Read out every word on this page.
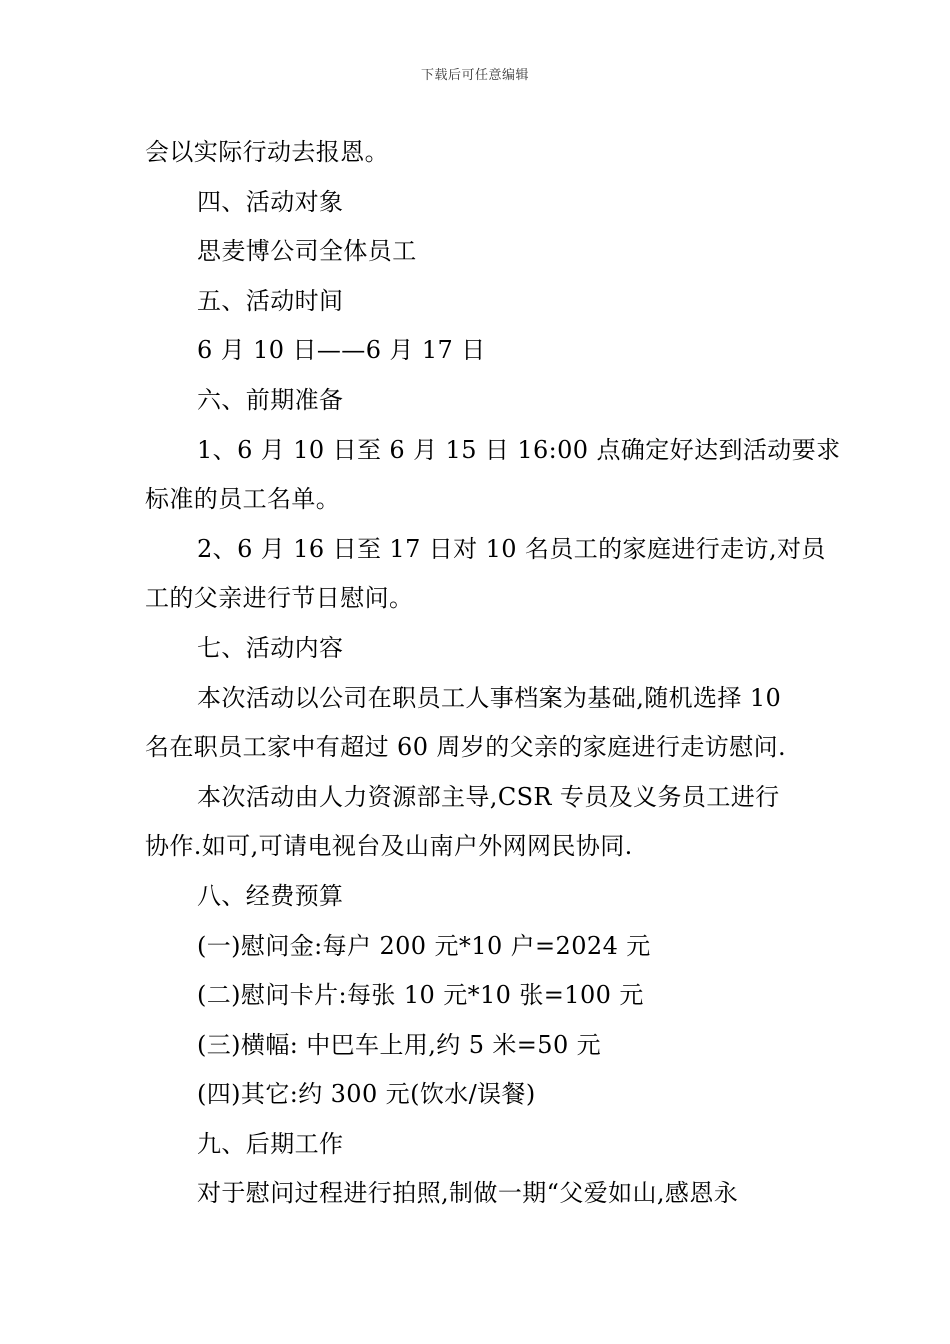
下载后可任意编辑
会以实际行动去报恩。
四、活动对象
思麦博公司全体员工
五、活动时间
6 月 10 日——6 月 17 日
六、前期准备
1、6 月 10 日至 6 月 15 日 16:00 点确定好达到活动要求
标准的员工名单。
2、6 月 16 日至 17 日对 10 名员工的家庭进行走访,对员
工的父亲进行节日慰问。
七、活动内容
本次活动以公司在职员工人事档案为基础,随机选择 10
名在职员工家中有超过 60 周岁的父亲的家庭进行走访慰问.
本次活动由人力资源部主导,CSR 专员及义务员工进行
协作.如可,可请电视台及山南户外网网民协同.
八、经费预算
(一)慰问金:每户 200 元*10 户=2024 元
(二)慰问卡片:每张 10 元*10 张=100 元
(三)横幅: 中巴车上用,约 5 米=50 元
(四)其它:约 300 元(饮水/误餐)
九、后期工作
对于慰问过程进行拍照,制做一期“父爱如山,感恩永
